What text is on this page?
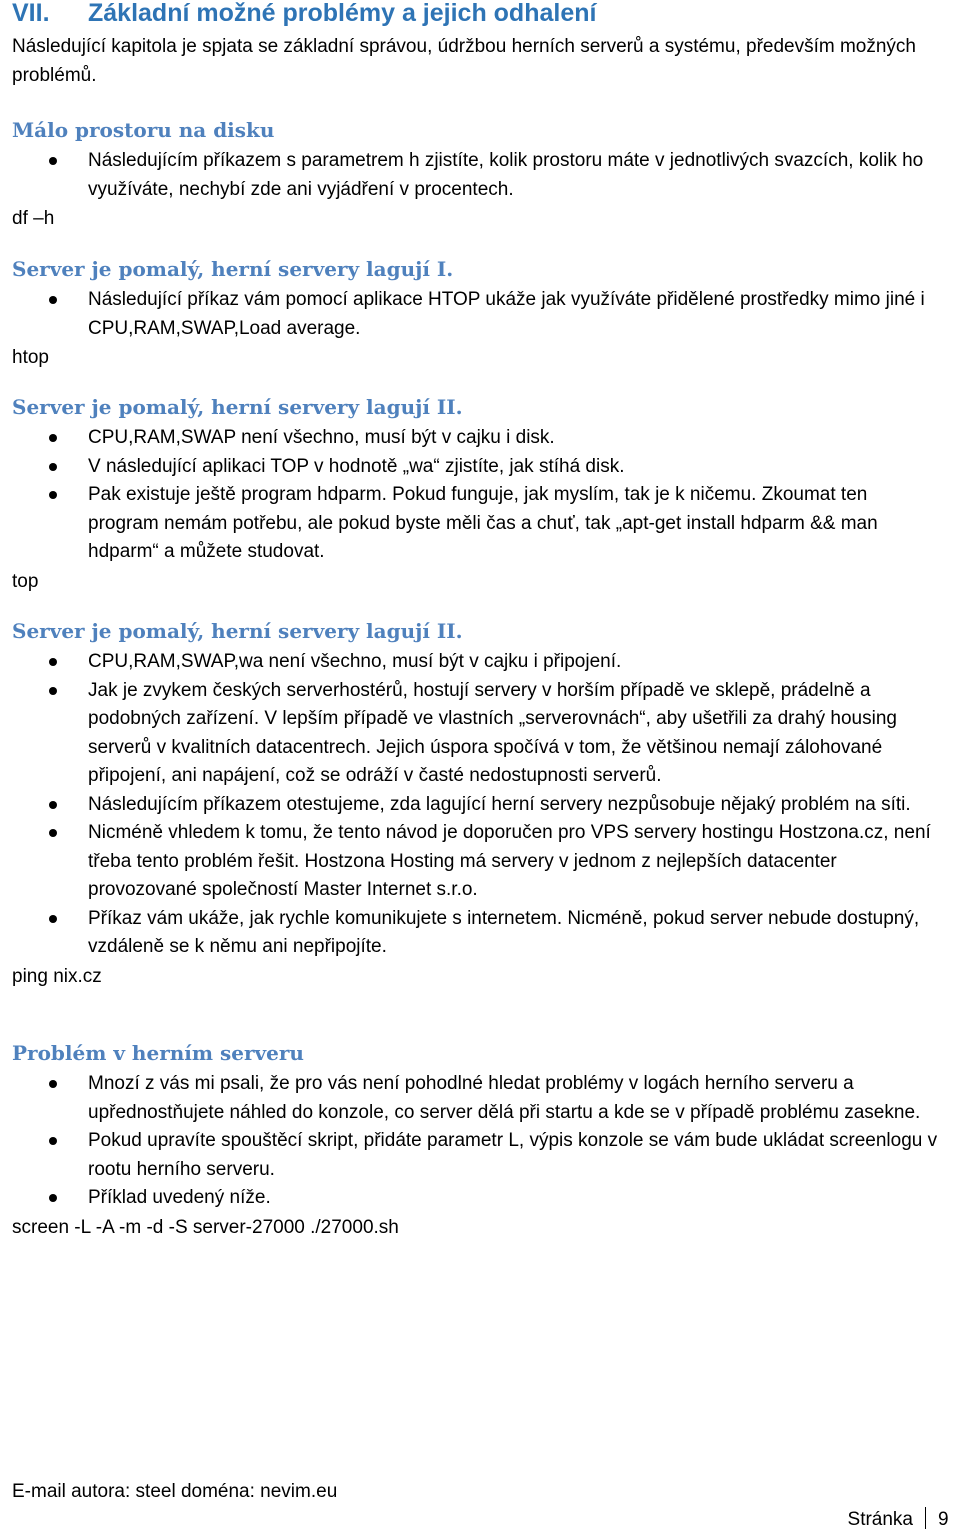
VII. Základní možné problémy a jejich odhalení

Následující kapitola je spjata se základní správou, údržbou herních serverů a systému, především možných problémů.

Málo prostoru na disku
Následujícím příkazem s parametrem h zjistíte, kolik prostoru máte v jednotlivých svazcích, kolik ho využíváte, nechybí zde ani vyjádření v procentech.

df –h

Server je pomalý, herní servery lagují I.
Následující příkaz vám pomocí aplikace HTOP ukáže jak využíváte přidělené prostředky mimo jiné i CPU,RAM,SWAP,Load average.

htop

Server je pomalý, herní servery lagují II.
CPU,RAM,SWAP není všechno, musí být v cajku i disk.
V následující aplikaci TOP v hodnotě „wa“ zjistíte, jak stíhá disk.
Pak existuje ještě program hdparm. Pokud funguje, jak myslím, tak je k ničemu. Zkoumat ten program nemám potřebu, ale pokud byste měli čas a chuť, tak „apt-get install hdparm && man hdparm“ a můžete studovat.

top

Server je pomalý, herní servery lagují II.
CPU,RAM,SWAP,wa není všechno, musí být v cajku i připojení.
Jak je zvykem českých serverhostérů, hostují servery v horším případě ve sklepě, prádelně a podobných zařízení. V lepším případě ve vlastních „serverovnách“, aby ušetřili za drahý housing serverů v kvalitních datacentrech. Jejich úspora spočívá v tom, že většinou nemají zálohované připojení, ani napájení, což se odráží v časté nedostupnosti serverů.
Následujícím příkazem otestujeme, zda lagující herní servery nezpůsobuje nějaký problém na síti.
Nicméně vhledem k tomu, že tento návod je doporučen pro VPS servery hostingu Hostzona.cz, není třeba tento problém řešit. Hostzona Hosting má servery v jednom z nejlepších datacenter provozované společností Master Internet s.r.o.
Příkaz vám ukáže, jak rychle komunikujete s internetem. Nicméně, pokud server nebude dostupný, vzdáleně se k němu ani nepřipojíte.

ping nix.cz

Problém v herním serveru
Mnozí z vás mi psali, že pro vás není pohodlné hledat problémy v logách herního serveru a upřednostňujete náhled do konzole, co server dělá při startu a kde se v případě problému zasekne.
Pokud upravíte spouštěcí skript, přidáte parametr L, výpis konzole se vám bude ukládat screenlogu v rootu herního serveru.
Příklad uvedený níže.

screen -L -A -m -d -S server-27000 ./27000.sh

E-mail autora: steel doména: nevim.eu

Stránka 9
